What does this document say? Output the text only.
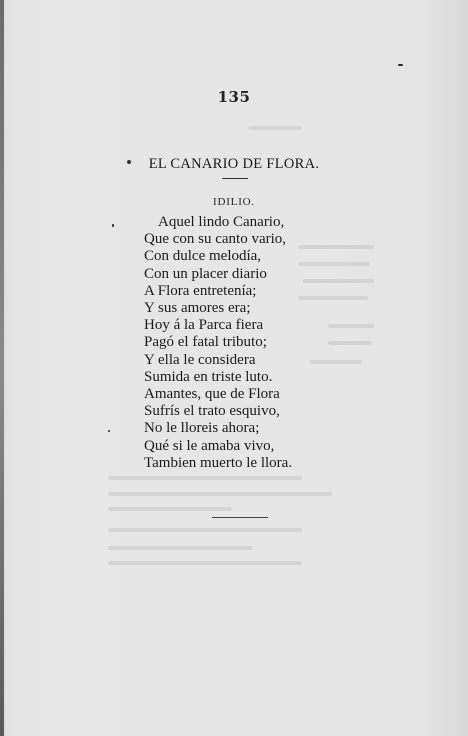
135
EL CANARIO DE FLORA.
IDILIO.
Aquel lindo Canario,
Que con su canto vario,
Con dulce melodía,
Con un placer diario
A Flora entretenía;
Y sus amores era;
Hoy á la Parca fiera
Pagó el fatal tributo;
Y ella le considera
Sumida en triste luto.
Amantes, que de Flora
Sufrís el trato esquivo,
No le lloreis ahora;
Qué si le amaba vivo,
Tambien muerto le llora.
